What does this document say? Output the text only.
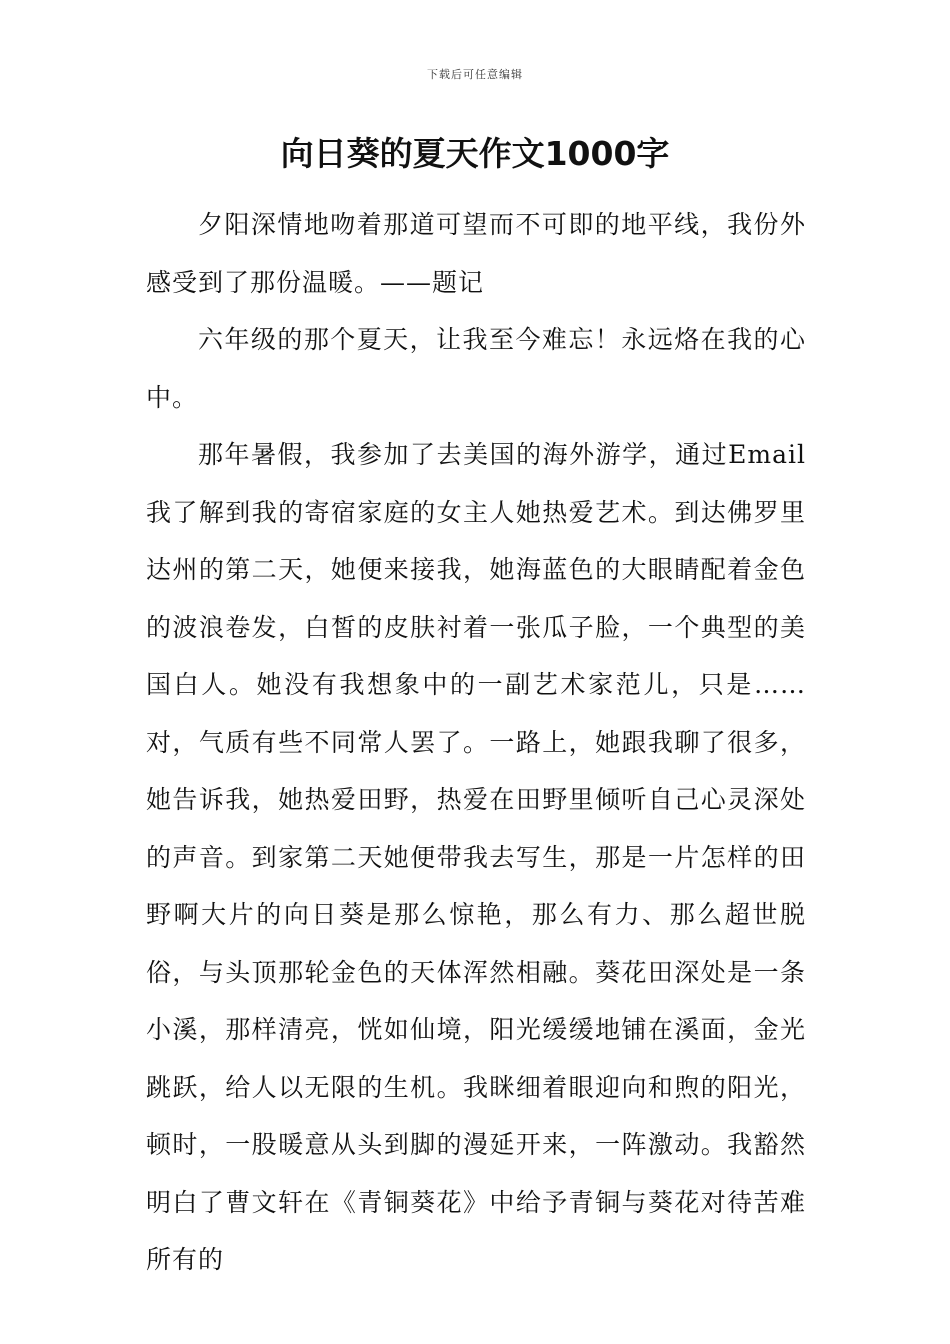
下载后可任意编辑
向日葵的夏天作文1000字

夕阳深情地吻着那道可望而不可即的地平线，我份外感受到了那份温暖。——题记

六年级的那个夏天，让我至今难忘！永远烙在我的心中。

那年暑假，我参加了去美国的海外游学，通过Email我了解到我的寄宿家庭的女主人她热爱艺术。到达佛罗里达州的第二天，她便来接我，她海蓝色的大眼睛配着金色的波浪卷发，白皙的皮肤衬着一张瓜子脸，一个典型的美国白人。她没有我想象中的一副艺术家范儿，只是……对，气质有些不同常人罢了。一路上，她跟我聊了很多，她告诉我，她热爱田野，热爱在田野里倾听自己心灵深处的声音。到家第二天她便带我去写生，那是一片怎样的田野啊大片的向日葵是那么惊艳，那么有力、那么超世脱俗，与头顶那轮金色的天体浑然相融。葵花田深处是一条小溪，那样清亮，恍如仙境，阳光缓缓地铺在溪面，金光跳跃，给人以无限的生机。我眯细着眼迎向和煦的阳光，顿时，一股暖意从头到脚的漫延开来，一阵激动。我豁然明白了曹文轩在《青铜葵花》中给予青铜与葵花对待苦难所有的
